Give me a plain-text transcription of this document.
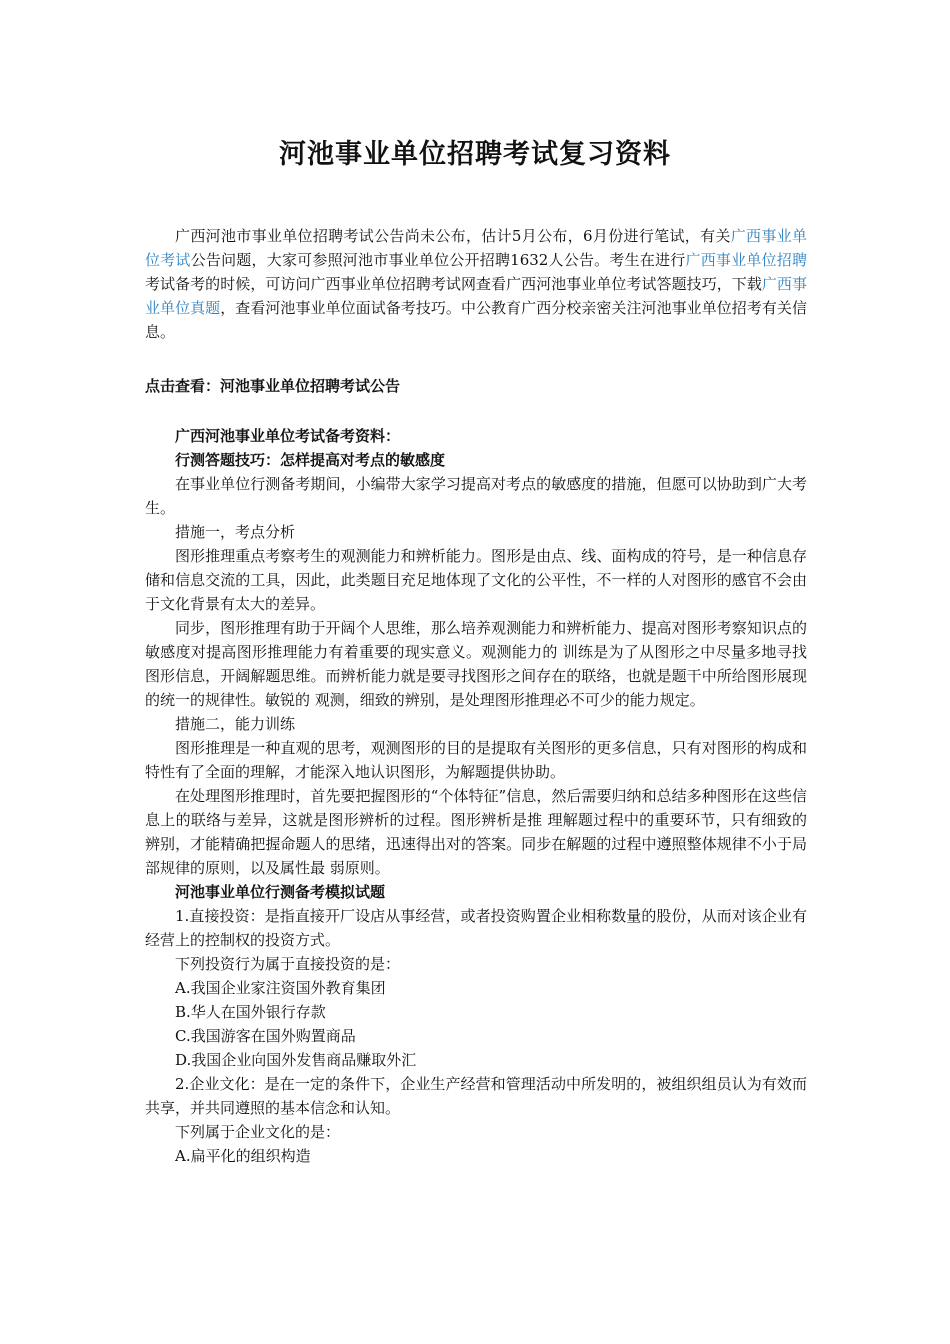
河池事业单位招聘考试复习资料

广西河池市事业单位招聘考试公告尚未公布，估计5月公布，6月份进行笔试，有关广西事业单位考试公告问题，大家可参照河池市事业单位公开招聘1632人公告。考生在进行广西事业单位招聘考试备考的时候，可访问广西事业单位招聘考试网查看广西河池事业单位考试答题技巧，下载广西事业单位真题，查看河池事业单位面试备考技巧。中公教育广西分校亲密关注河池事业单位招考有关信息。

点击查看：河池事业单位招聘考试公告

广西河池事业单位考试备考资料：

行测答题技巧：怎样提高对考点的敏感度

在事业单位行测备考期间，小编带大家学习提高对考点的敏感度的措施，但愿可以协助到广大考生。

措施一，考点分析

图形推理重点考察考生的观测能力和辨析能力。图形是由点、线、面构成的符号，是一种信息存储和信息交流的工具，因此，此类题目充足地体现了文化的公平性，不一样的人对图形的感官不会由于文化背景有太大的差异。

同步，图形推理有助于开阔个人思维，那么培养观测能力和辨析能力、提高对图形考察知识点的敏感度对提高图形推理能力有着重要的现实意义。观测能力的 训练是为了从图形之中尽量多地寻找图形信息，开阔解题思维。而辨析能力就是要寻找图形之间存在的联络，也就是题干中所给图形展现的统一的规律性。敏锐的 观测，细致的辨别，是处理图形推理必不可少的能力规定。

措施二，能力训练

图形推理是一种直观的思考，观测图形的目的是提取有关图形的更多信息，只有对图形的构成和特性有了全面的理解，才能深入地认识图形，为解题提供协助。

在处理图形推理时，首先要把握图形的“个体特征”信息，然后需要归纳和总结多种图形在这些信息上的联络与差异，这就是图形辨析的过程。图形辨析是推 理解题过程中的重要环节，只有细致的辨别，才能精确把握命题人的思绪，迅速得出对的答案。同步在解题的过程中遵照整体规律不小于局部规律的原则，以及属性最 弱原则。

河池事业单位行测备考模拟试题

1.直接投资：是指直接开厂设店从事经营，或者投资购置企业相称数量的股份，从而对该企业有经营上的控制权的投资方式。

下列投资行为属于直接投资的是：

A.我国企业家注资国外教育集团

B.华人在国外银行存款

C.我国游客在国外购置商品

D.我国企业向国外发售商品赚取外汇

2.企业文化：是在一定的条件下，企业生产经营和管理活动中所发明的，被组织组员认为有效而共享，并共同遵照的基本信念和认知。

下列属于企业文化的是：

A.扁平化的组织构造
